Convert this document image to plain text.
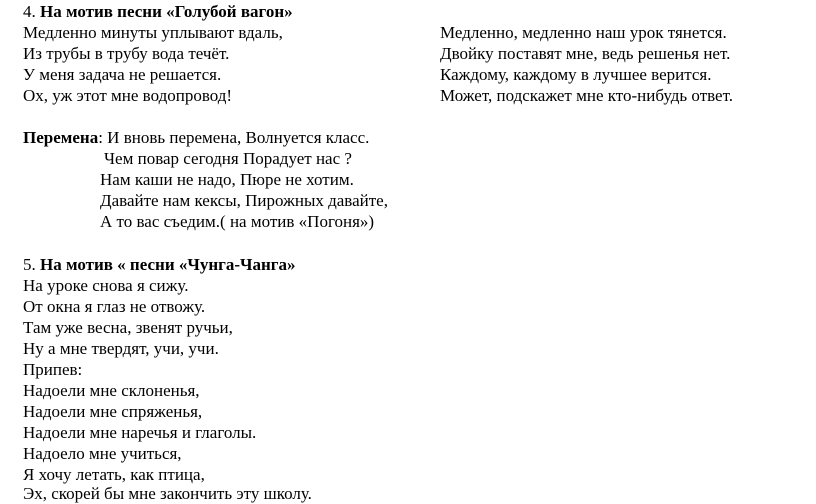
4. На мотив песни «Голубой вагон»
Медленно минуты уплывают вдаль,
Из трубы в трубу вода течёт.
У меня задача не решается.
Ох, уж этот мне водопровод!
Медленно, медленно наш урок тянется.
Двойку поставят мне, ведь решенья нет.
Каждому, каждому в лучшее верится.
Может, подскажет мне кто-нибудь ответ.
Перемена: И вновь перемена, Волнуется класс.
Чем повар сегодня Порадует нас ?
Нам каши не надо, Пюре не хотим.
Давайте нам кексы, Пирожных давайте,
А то вас съедим.( на мотив «Погоня»)
5. На мотив « песни «Чунга-Чанга»
На уроке снова я сижу.
От окна я глаз не отвожу.
Там уже весна, звенят ручьи,
Ну а мне твердят, учи, учи.
Припев:
Надоели мне склоненья,
Надоели мне спряженья,
Надоели мне наречья и глаголы.
Надоело мне учиться,
Я хочу летать, как птица,
Эх, скорей бы мне закончить эту школу.
